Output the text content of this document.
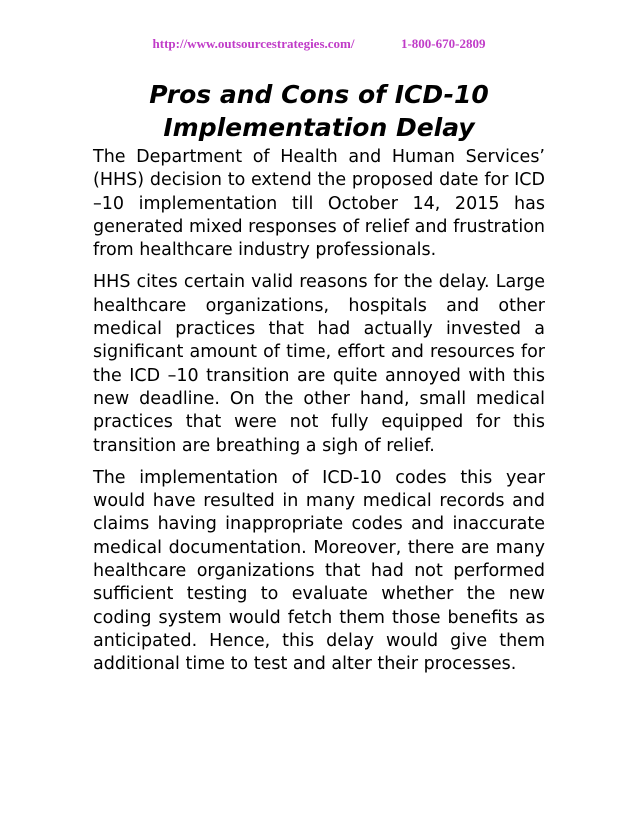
http://www.outsourcestrategies.com/	1-800-670-2809
Pros and Cons of ICD-10
Implementation Delay

The Department of Health and Human Services’ (HHS) decision to extend the proposed date for ICD –10 implementation till October 14, 2015 has generated mixed responses of relief and frustration from healthcare industry professionals.

HHS cites certain valid reasons for the delay. Large healthcare organizations, hospitals and other medical practices that had actually invested a significant amount of time, effort and resources for the ICD –10 transition are quite annoyed with this new deadline. On the other hand, small medical practices that were not fully equipped for this transition are breathing a sigh of relief.

The implementation of ICD-10 codes this year would have resulted in many medical records and claims having inappropriate codes and inaccurate medical documentation. Moreover, there are many healthcare organizations that had not performed sufficient testing to evaluate whether the new coding system would fetch them those benefits as anticipated. Hence, this delay would give them additional time to test and alter their processes.
